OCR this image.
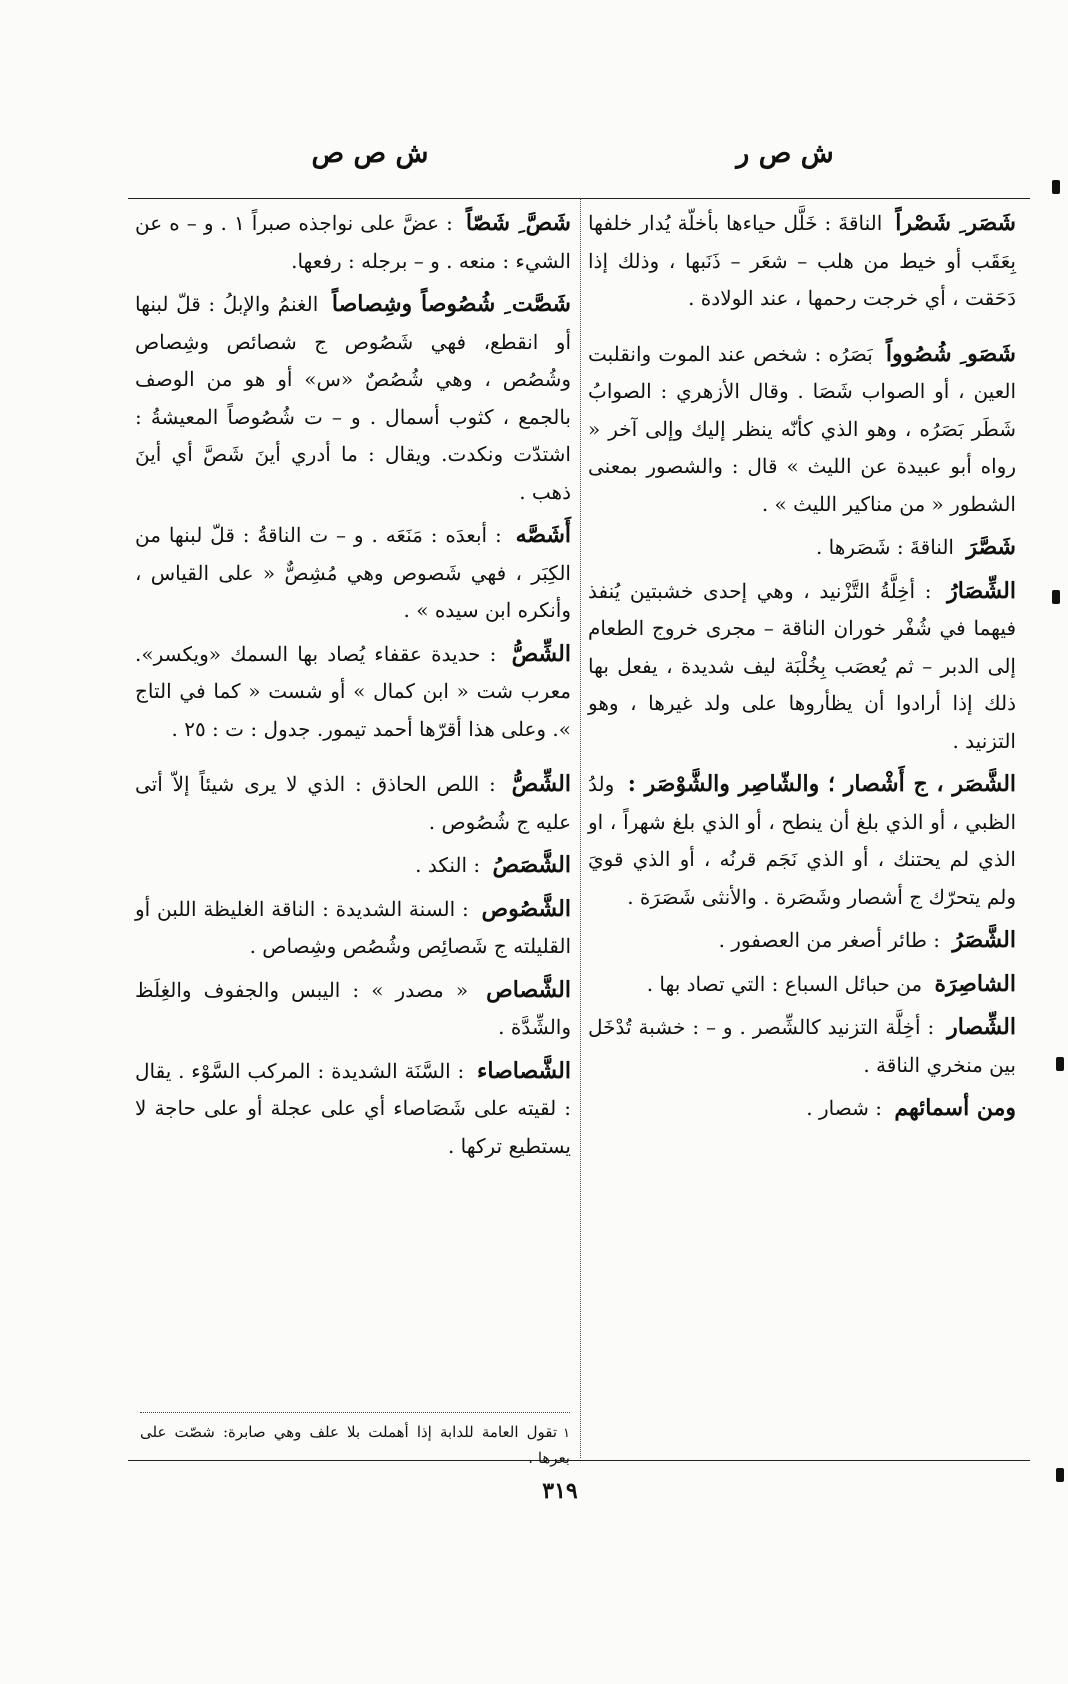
ش ص ر
ش ص ص
شَصَر ِ شَصْراً الناقةَ : خَلَّل حياءها بأخلّة يُدار خلفها بِعَقَب أو خيط من هلب – شعَر – ذَنَبها ، وذلك إذا دَحَقت ، أي خرجت رحمها ، عند الولادة .
شَصَو ِ شُصُوواً بَصَرُه : شخص عند الموت وانقلبت العين ، أو الصواب شَصَا . وقال الأزهري : الصوابُ شَطَر بَصَرُه ، وهو الذي كأنّه ينظر إليك وإلى آخر « رواه أبو عبيدة عن الليث » قال : والشصور بمعنى الشطور « من مناكير الليث » .
شَصَّرَ الناقةَ : شَصَرها .
الشِّصَارُ : أخِلَّةُ التَّزْنيد ، وهي إحدى خشبتين يُنفذ فيهما في شُفْر خوران الناقة – مجرى خروج الطعام إلى الدبر – ثم يُعصَب بِخُلْبَة ليف شديدة ، يفعل بها ذلك إذا أرادوا أن يظأروها على ولد غيرها ، وهو التزنيد .
الشَّصَر ، ج أَشْصار ؛ والشّاصِر والشَّوْصَر : ولدُ الظبي ، أو الذي بلغ أن ينطح ، أو الذي بلغ شهراً ، او الذي لم يحتنك ، أو الذي نَجَم قرنُه ، أو الذي قويَ ولم يتحرّك ج أشصار وشَصَرة . والأنثى شَصَرَة .
الشَّصَرُ : طائر أصغر من العصفور .
الشاصِرَة من حبائل السباع : التي تصاد بها .
الشِّصار : أخِلَّة التزنيد كالشِّصر . و – : خشبة تُدْخَل بين منخري الناقة .
ومن أسمائهم : شصار .
شَصَّ ِ شَصّاً : عضَّ على نواجذه صبراً ١ . و – ه عن الشيء : منعه . و – برجله : رفعها.
شَصَّت ِ شُصُوصاً وشِصاصاً الغنمُ والإبلُ : قلّ لبنها أو انقطع، فهي شَصُوص ج شصائص وشِصاص وشُصُص ، وهي شُصُصٌ «س» أو هو من الوصف بالجمع ، كثوب أسمال . و – ت شُصُوصاً المعيشةُ : اشتدّت ونكدت. ويقال : ما أدري أينَ شَصَّ أي أينَ ذهب .
أَشَصَّه : أبعدَه : مَنَعَه . و – ت الناقةُ : قلّ لبنها من الكِبَر ، فهي شَصوص وهي مُشِصٌّ « على القياس ، وأنكره ابن سيده » .
الشِّصُّ : حديدة عقفاء يُصاد بها السمك «ويكسر». معرب شت « ابن كمال » أو شست « كما في التاج ». وعلى هذا أقرّها أحمد تيمور. جدول : ت : ٢٥ .
الشِّصُّ : اللص الحاذق : الذي لا يرى شيئاً إلاّ أتى عليه ج شُصُوص .
الشَّصَصُ : النكد .
الشَّصُوص : السنة الشديدة : الناقة الغليظة اللبن أو القليلته ج شَصائِص وشُصُص وشِصاص .
الشَّصاص « مصدر » : اليبس والجفوف والغِلَظ والشِّدَّة .
الشَّصاصاء : السَّنَة الشديدة : المركب السَّوْء . يقال : لقيته على شَصَاصاء أي على عجلة أو على حاجة لا يستطيع تركها .
١تقول العامة للدابة إذا أهملت بلا علف وهي صابرة: شصّت على بعرها .
٣١٩
